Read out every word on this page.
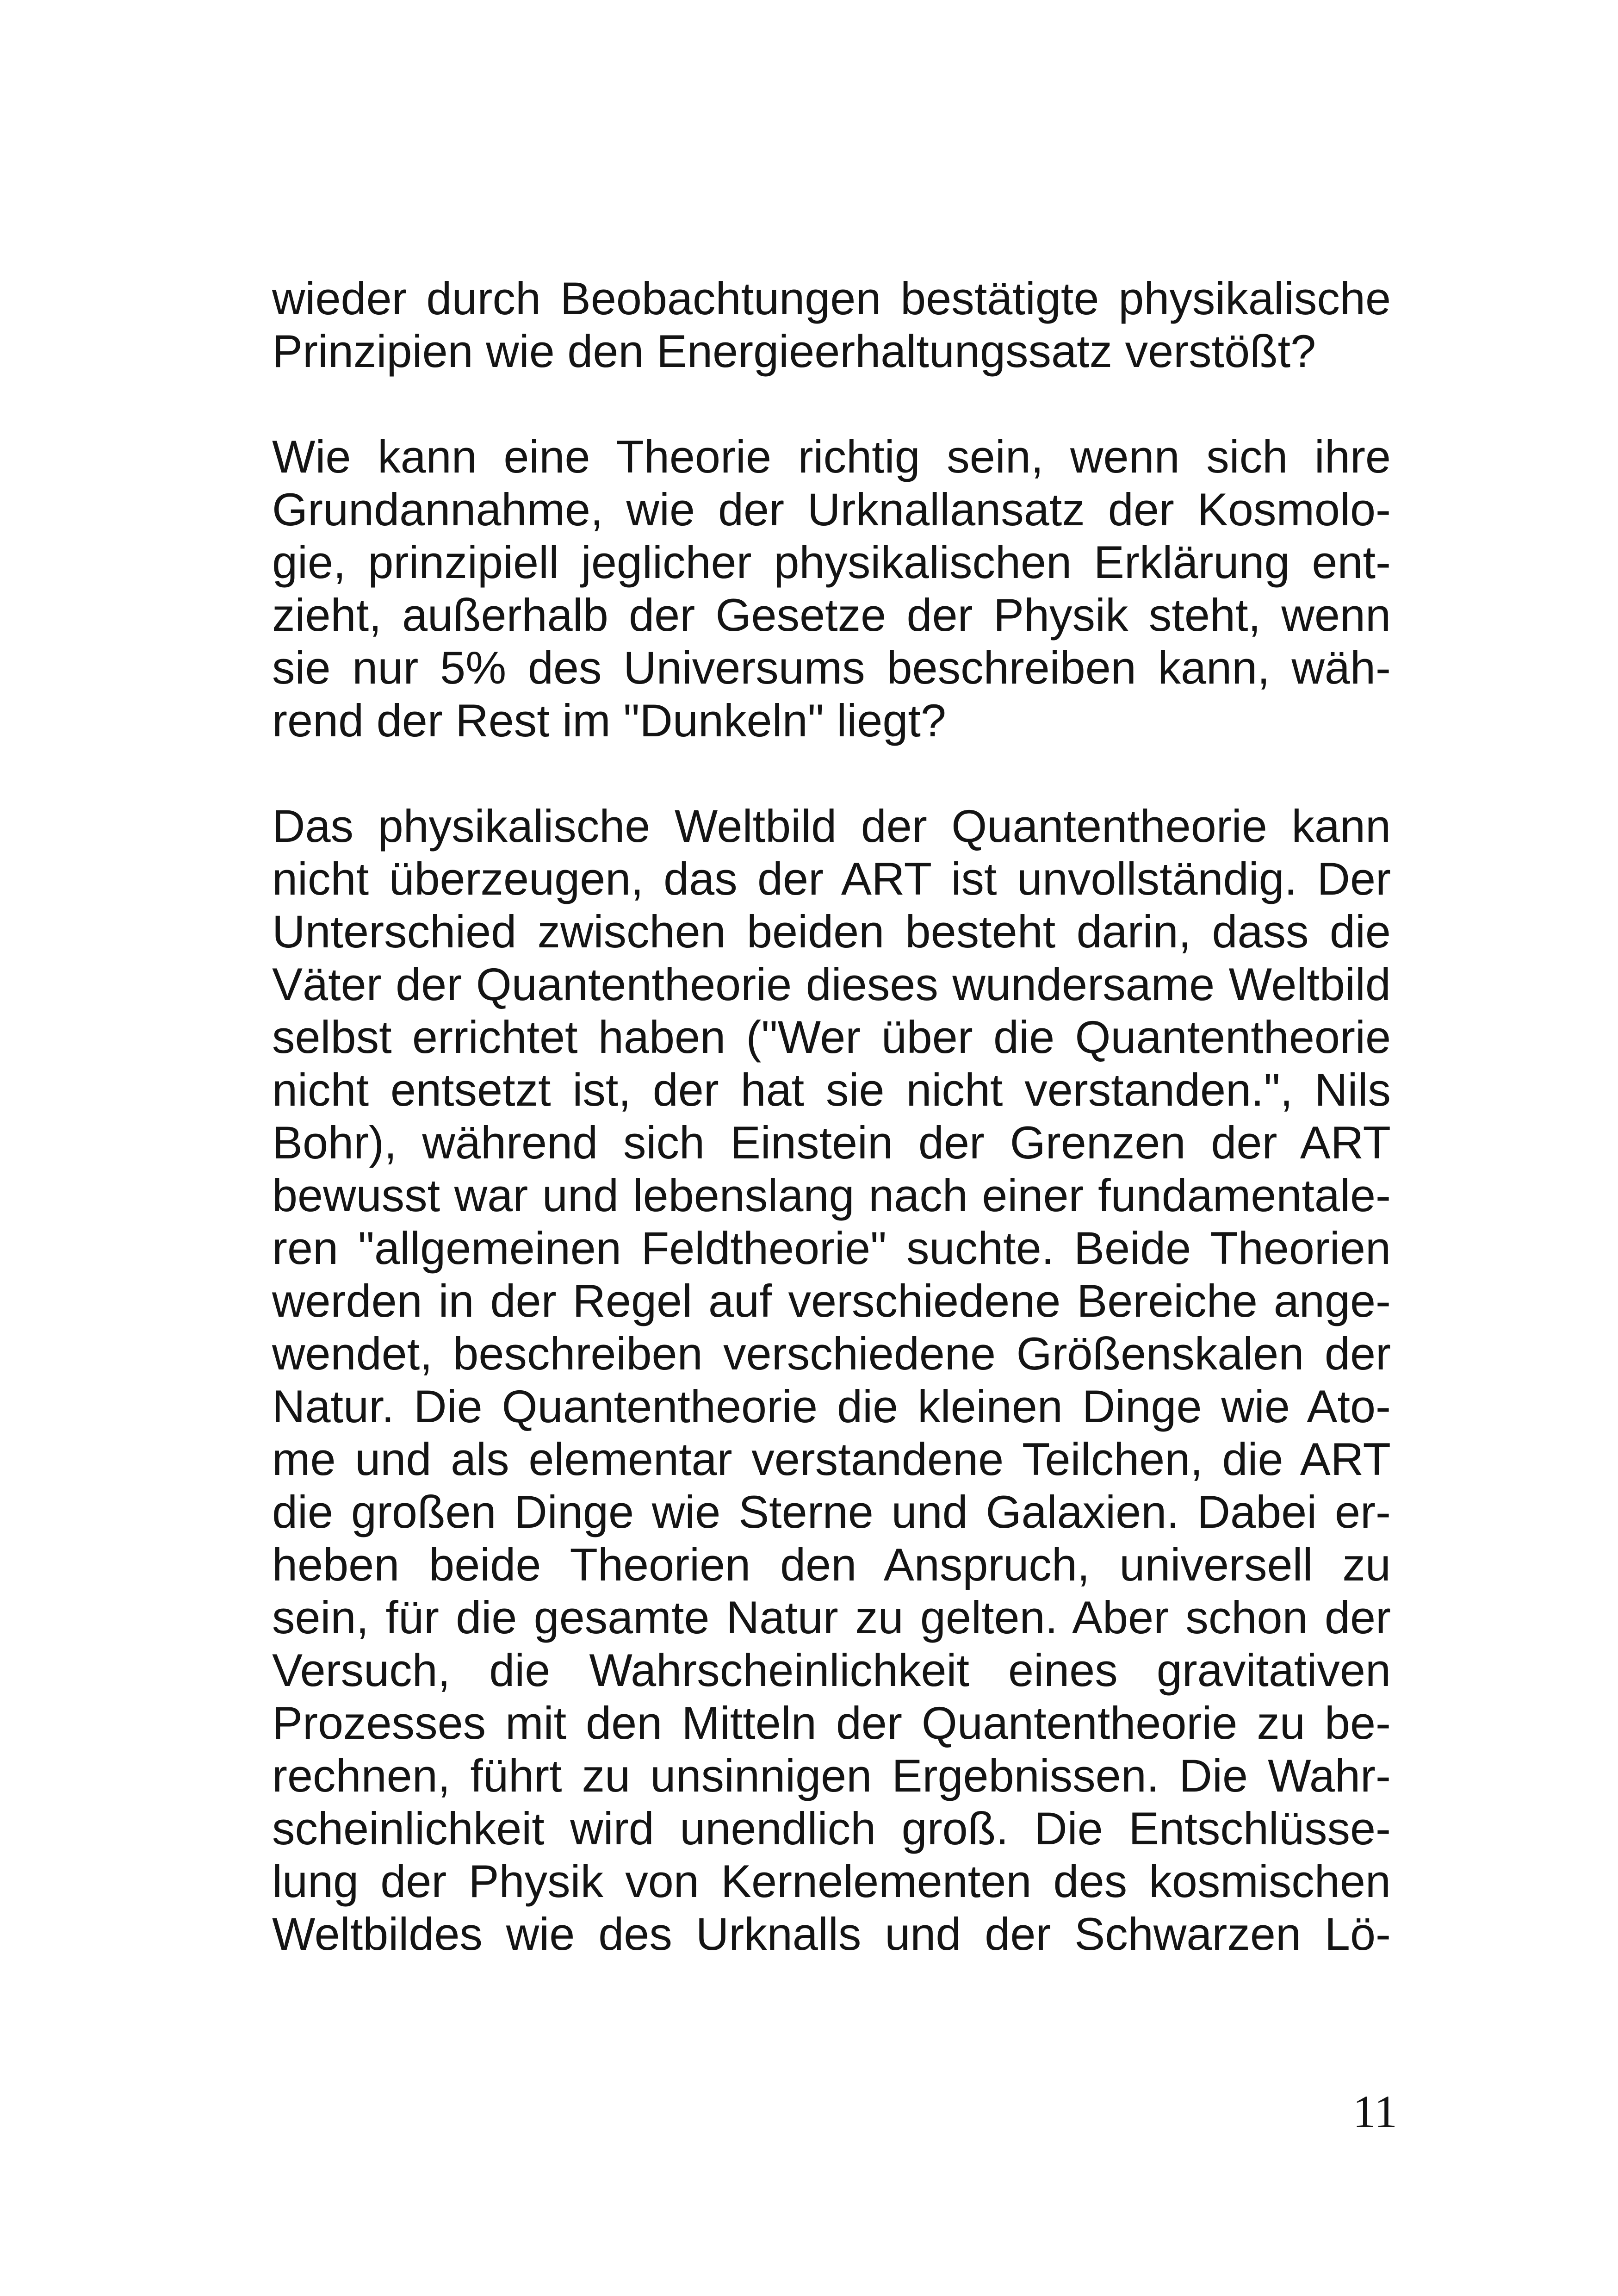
wieder durch Beobachtungen bestätigte physikalische
Prinzipien wie den Energieerhaltungssatz verstößt?
Wie kann eine Theorie richtig sein, wenn sich ihre
Grundannahme, wie der Urknallansatz der Kosmolo-
gie, prinzipiell jeglicher physikalischen Erklärung ent-
zieht, außerhalb der Gesetze der Physik steht, wenn
sie nur 5% des Universums beschreiben kann, wäh-
rend der Rest im "Dunkeln" liegt?
Das physikalische Weltbild der Quantentheorie kann
nicht überzeugen, das der ART ist unvollständig. Der
Unterschied zwischen beiden besteht darin, dass die
Väter der Quantentheorie dieses wundersame Weltbild
selbst errichtet haben ("Wer über die Quantentheorie
nicht entsetzt ist, der hat sie nicht verstanden.", Nils
Bohr), während sich Einstein der Grenzen der ART
bewusst war und lebenslang nach einer fundamentale-
ren "allgemeinen Feldtheorie" suchte. Beide Theorien
werden in der Regel auf verschiedene Bereiche ange-
wendet, beschreiben verschiedene Größenskalen der
Natur. Die Quantentheorie die kleinen Dinge wie Ato-
me und als elementar verstandene Teilchen, die ART
die großen Dinge wie Sterne und Galaxien. Dabei er-
heben beide Theorien den Anspruch, universell zu
sein, für die gesamte Natur zu gelten. Aber schon der
Versuch, die Wahrscheinlichkeit eines gravitativen
Prozesses mit den Mitteln der Quantentheorie zu be-
rechnen, führt zu unsinnigen Ergebnissen. Die Wahr-
scheinlichkeit wird unendlich groß. Die Entschlüsse-
lung der Physik von Kernelementen des kosmischen
Weltbildes wie des Urknalls und der Schwarzen Lö-
11
